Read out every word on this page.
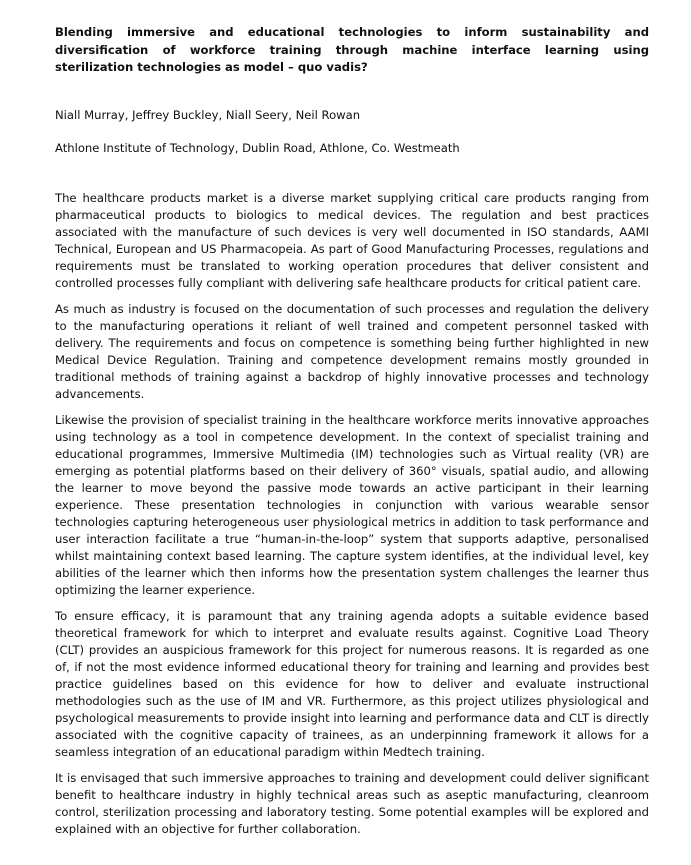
Blending immersive and educational technologies to inform sustainability and diversification of workforce training through machine interface learning using sterilization technologies as model – quo vadis?

Niall Murray, Jeffrey Buckley, Niall Seery, Neil Rowan

Athlone Institute of Technology, Dublin Road, Athlone, Co. Westmeath

The healthcare products market is a diverse market supplying critical care products ranging from pharmaceutical products to biologics to medical devices. The regulation and best practices associated with the manufacture of such devices is very well documented in ISO standards, AAMI Technical, European and US Pharmacopeia. As part of Good Manufacturing Processes, regulations and requirements must be translated to working operation procedures that deliver consistent and controlled processes fully compliant with delivering safe healthcare products for critical patient care.

As much as industry is focused on the documentation of such processes and regulation the delivery to the manufacturing operations it reliant of well trained and competent personnel tasked with delivery. The requirements and focus on competence is something being further highlighted in new Medical Device Regulation. Training and competence development remains mostly grounded in traditional methods of training against a backdrop of highly innovative processes and technology advancements.

Likewise the provision of specialist training in the healthcare workforce merits innovative approaches using technology as a tool in competence development. In the context of specialist training and educational programmes, Immersive Multimedia (IM) technologies such as Virtual reality (VR) are emerging as potential platforms based on their delivery of 360° visuals, spatial audio, and allowing the learner to move beyond the passive mode towards an active participant in their learning experience. These presentation technologies in conjunction with various wearable sensor technologies capturing heterogeneous user physiological metrics in addition to task performance and user interaction facilitate a true “human-in-the-loop” system that supports adaptive, personalised whilst maintaining context based learning. The capture system identifies, at the individual level, key abilities of the learner which then informs how the presentation system challenges the learner thus optimizing the learner experience.

To ensure efficacy, it is paramount that any training agenda adopts a suitable evidence based theoretical framework for which to interpret and evaluate results against. Cognitive Load Theory (CLT) provides an auspicious framework for this project for numerous reasons. It is regarded as one of, if not the most evidence informed educational theory for training and learning and provides best practice guidelines based on this evidence for how to deliver and evaluate instructional methodologies such as the use of IM and VR. Furthermore, as this project utilizes physiological and psychological measurements to provide insight into learning and performance data and CLT is directly associated with the cognitive capacity of trainees, as an underpinning framework it allows for a seamless integration of an educational paradigm within Medtech training.

It is envisaged that such immersive approaches to training and development could deliver significant benefit to healthcare industry in highly technical areas such as aseptic manufacturing, cleanroom control, sterilization processing and laboratory testing. Some potential examples will be explored and explained with an objective for further collaboration.
